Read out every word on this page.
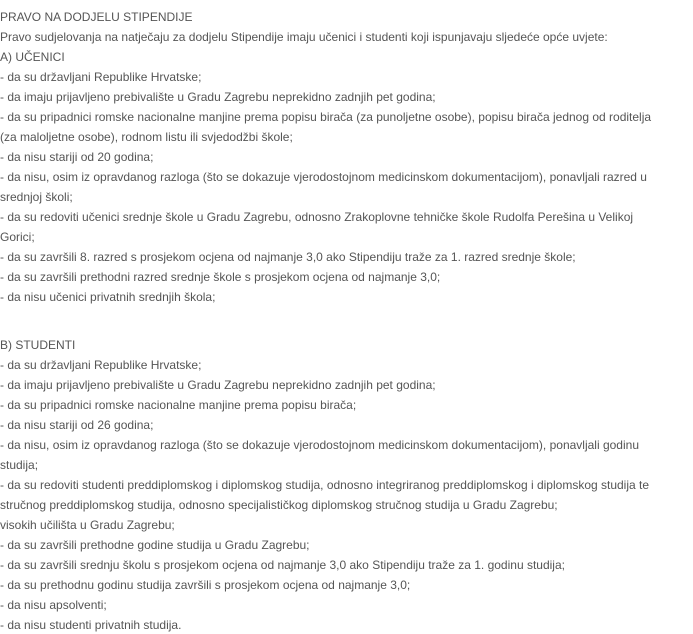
PRAVO NA DODJELU STIPENDIJE
Pravo sudjelovanja na natječaju za dodjelu Stipendije imaju učenici i studenti koji ispunjavaju sljedeće opće uvjete:
A) UČENICI
- da su državljani Republike Hrvatske;
- da imaju prijavljeno prebivalište u Gradu Zagrebu neprekidno zadnjih pet godina;
- da su pripadnici romske nacionalne manjine prema popisu birača (za punoljetne osobe), popisu birača jednog od roditelja
(za maloljetne osobe), rodnom listu ili svjedodžbi škole;
- da nisu stariji od 20 godina;
- da nisu, osim iz opravdanog razloga (što se dokazuje vjerodostojnom medicinskom dokumentacijom), ponavljali razred u
srednjoj školi;
- da su redoviti učenici srednje škole u Gradu Zagrebu, odnosno Zrakoplovne tehničke škole Rudolfa Perešina u Velikoj
Gorici;
- da su završili 8. razred s prosjekom ocjena od najmanje 3,0 ako Stipendiju traže za 1. razred srednje škole;
- da su završili prethodni razred srednje škole s prosjekom ocjena od najmanje 3,0;
- da nisu učenici privatnih srednjih škola;
B) STUDENTI
- da su državljani Republike Hrvatske;
- da imaju prijavljeno prebivalište u Gradu Zagrebu neprekidno zadnjih pet godina;
- da su pripadnici romske nacionalne manjine prema popisu birača;
- da nisu stariji od 26 godina;
- da nisu, osim iz opravdanog razloga (što se dokazuje vjerodostojnom medicinskom dokumentacijom), ponavljali godinu
studija;
- da su redoviti studenti preddiplomskog i diplomskog studija, odnosno integriranog preddiplomskog i diplomskog studija te
stručnog preddiplomskog studija, odnosno specijalističkog diplomskog stručnog studija u Gradu Zagrebu;
visokih učilišta u Gradu Zagrebu;
- da su završili prethodne godine studija u Gradu Zagrebu;
- da su završili srednju školu s prosjekom ocjena od najmanje 3,0 ako Stipendiju traže za 1. godinu studija;
- da su prethodnu godinu studija završili s prosjekom ocjena od najmanje 3,0;
- da nisu apsolventi;
- da nisu studenti privatnih studija.
